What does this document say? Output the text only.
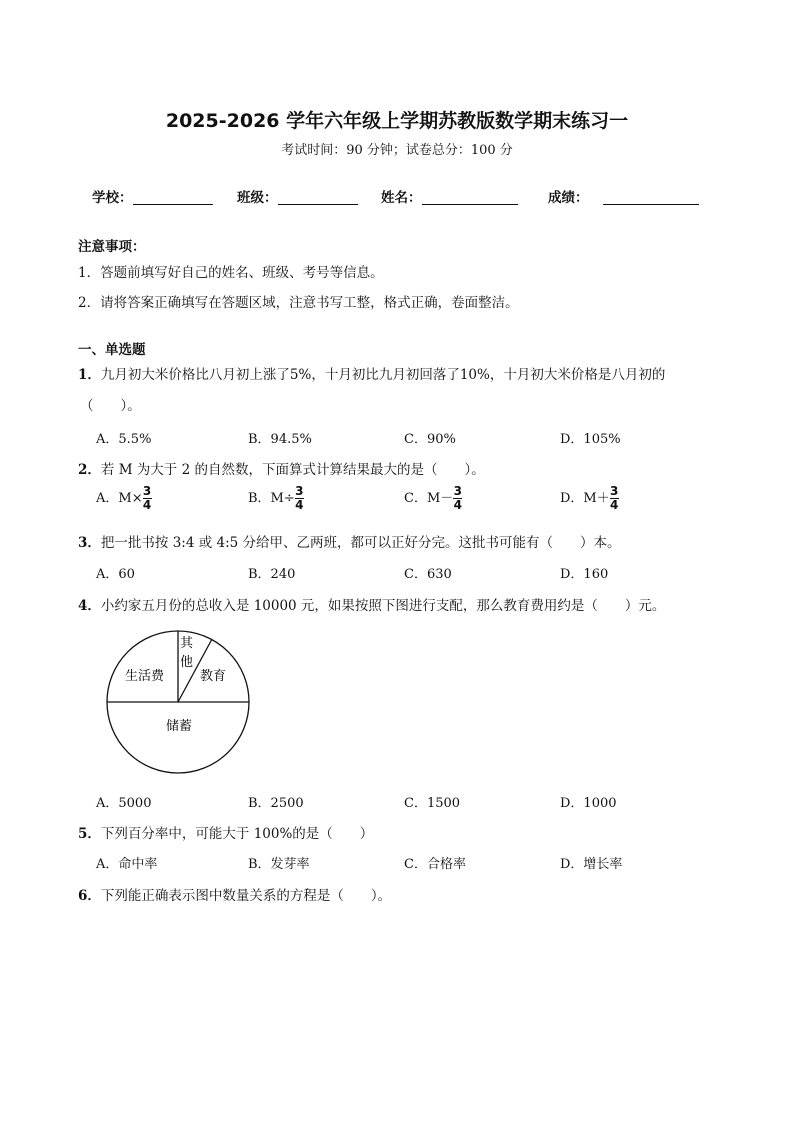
2025-2026 学年六年级上学期苏教版数学期末练习一
考试时间：90 分钟；试卷总分：100 分
学校：	班级：	姓名：	成绩：
注意事项：
1．答题前填写好自己的姓名、班级、考号等信息。
2．请将答案正确填写在答题区域，注意书写工整，格式正确，卷面整洁。
一、单选题
1．九月初大米价格比八月初上涨了5%，十月初比九月初回落了10%，十月初大米价格是八月初的
（　　）。
A．5.5%	B．94.5%	C．90%	D．105%
2．若 M 为大于 2 的自然数，下面算式计算结果最大的是（　　）。
A．$M\times \frac{3}{4}$	B．$M\div \frac{3}{4}$	C．$M- \frac{3}{4}$	D．$M+ \frac{3}{4}$
3．把一批书按 3:4 或 4:5 分给甲、乙两班，都可以正好分完。这批书可能有（　　）本。
A．60	B．240	C．630	D．160
4．小约家五月份的总收入是 10000 元，如果按照下图进行支配，那么教育费用约是（　　）元。
其
他
教育
生活费
储蓄
A．5000	B．2500	C．1500	D．1000
5．下列百分率中，可能大于 100%的是（　　）
A．命中率	B．发芽率	C．合格率	D．增长率
6．下列能正确表示图中数量关系的方程是（　　）。
